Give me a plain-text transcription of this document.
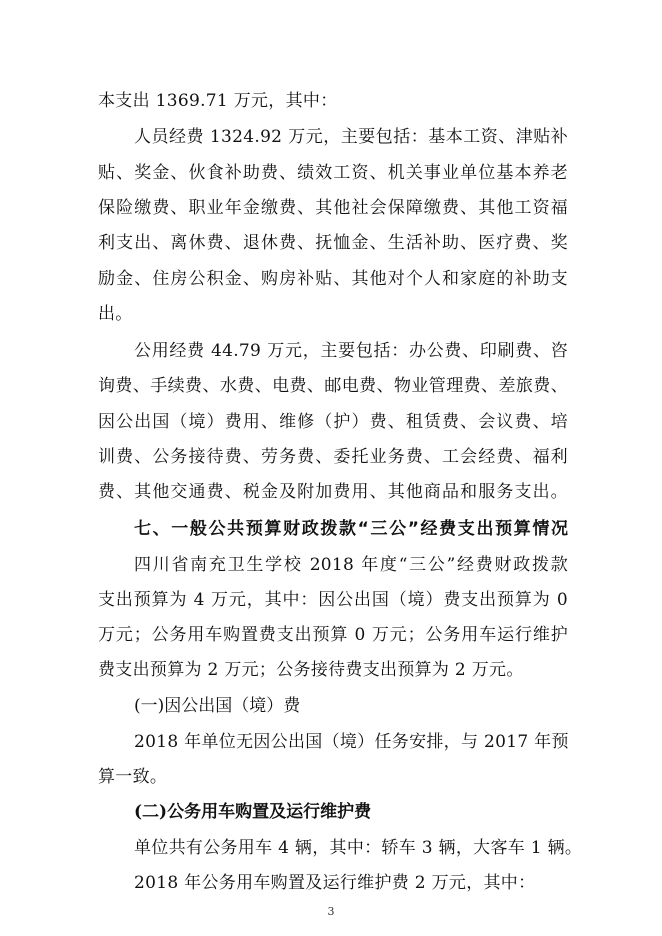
本支出 1369.71 万元，其中：
人员经费 1324.92 万元，主要包括：基本工资、津贴补
贴、奖金、伙食补助费、绩效工资、机关事业单位基本养老
保险缴费、职业年金缴费、其他社会保障缴费、其他工资福
利支出、离休费、退休费、抚恤金、生活补助、医疗费、奖
励金、住房公积金、购房补贴、其他对个人和家庭的补助支
出。
公用经费 44.79 万元，主要包括：办公费、印刷费、咨
询费、手续费、水费、电费、邮电费、物业管理费、差旅费、
因公出国（境）费用、维修（护）费、租赁费、会议费、培
训费、公务接待费、劳务费、委托业务费、工会经费、福利
费、其他交通费、税金及附加费用、其他商品和服务支出。
七、一般公共预算财政拨款“三公”经费支出预算情况
四川省南充卫生学校 2018 年度“三公”经费财政拨款
支出预算为 4 万元，其中：因公出国（境）费支出预算为 0
万元；公务用车购置费支出预算 0 万元；公务用车运行维护
费支出预算为 2 万元；公务接待费支出预算为 2 万元。
(一)因公出国（境）费
2018 年单位无因公出国（境）任务安排，与 2017 年预
算一致。
(二)公务用车购置及运行维护费
单位共有公务用车 4 辆，其中：轿车 3 辆，大客车 1 辆。
2018 年公务用车购置及运行维护费 2 万元，其中：
3
